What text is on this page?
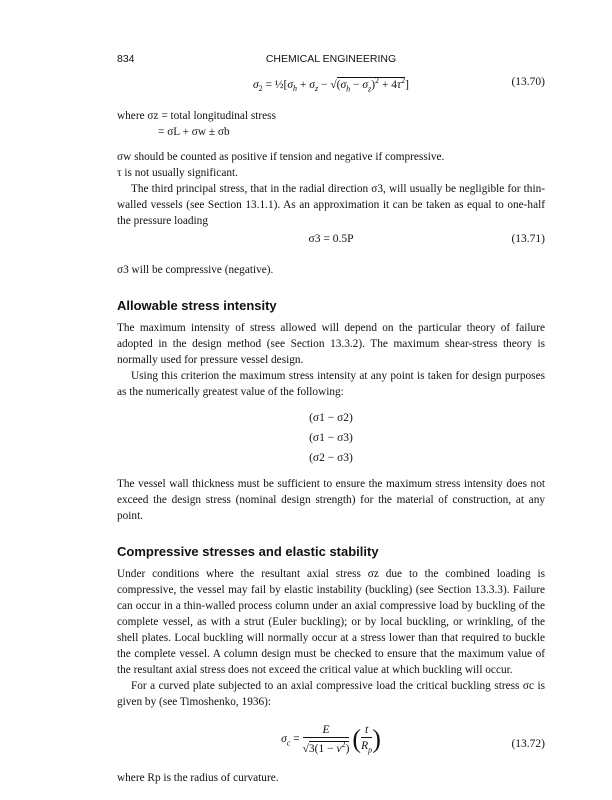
834	CHEMICAL ENGINEERING
$\sigma_2$ = $\frac{1}{2}[\sigma_h + \sigma_z - √(\sigma_h - \sigma_z)^2 + 4\tau^2]$	(13.70)

where σz = total longitudinal stress

= σL + σw ± σb

σw should be counted as positive if tension and negative if compressive.

τ is not usually significant.

The third principal stress, that in the radial direction σ3, will usually be negligible for thin-walled vessels (see Section 13.1.1). As an approximation it can be taken as equal to one-half the pressure loading

σ3 = 0.5P	(13.71)

σ3 will be compressive (negative).

Allowable stress intensity

The maximum intensity of stress allowed will depend on the particular theory of failure adopted in the design method (see Section 13.3.2). The maximum shear-stress theory is normally used for pressure vessel design.

Using this criterion the maximum stress intensity at any point is taken for design purposes as the numerically greatest value of the following:

(σ1 − σ2)
(σ1 − σ3)
(σ2 − σ3)

The vessel wall thickness must be sufficient to ensure the maximum stress intensity does not exceed the design stress (nominal design strength) for the material of construction, at any point.

Compressive stresses and elastic stability

Under conditions where the resultant axial stress σz due to the combined loading is compressive, the vessel may fail by elastic instability (buckling) (see Section 13.3.3). Failure can occur in a thin-walled process column under an axial compressive load by buckling of the complete vessel, as with a strut (Euler buckling); or by local buckling, or wrinkling, of the shell plates. Local buckling will normally occur at a stress lower than that required to buckle the complete vessel. A column design must be checked to ensure that the maximum value of the resultant axial stress does not exceed the critical value at which buckling will occur.

For a curved plate subjected to an axial compressive load the critical buckling stress σc is given by (see Timoshenko, 1936):

$\sigma_c = \frac{E}{√3(1 - v^2)}$ ( $\frac{t}{R_p}$ )	(13.72)

where Rp is the radius of curvature.
